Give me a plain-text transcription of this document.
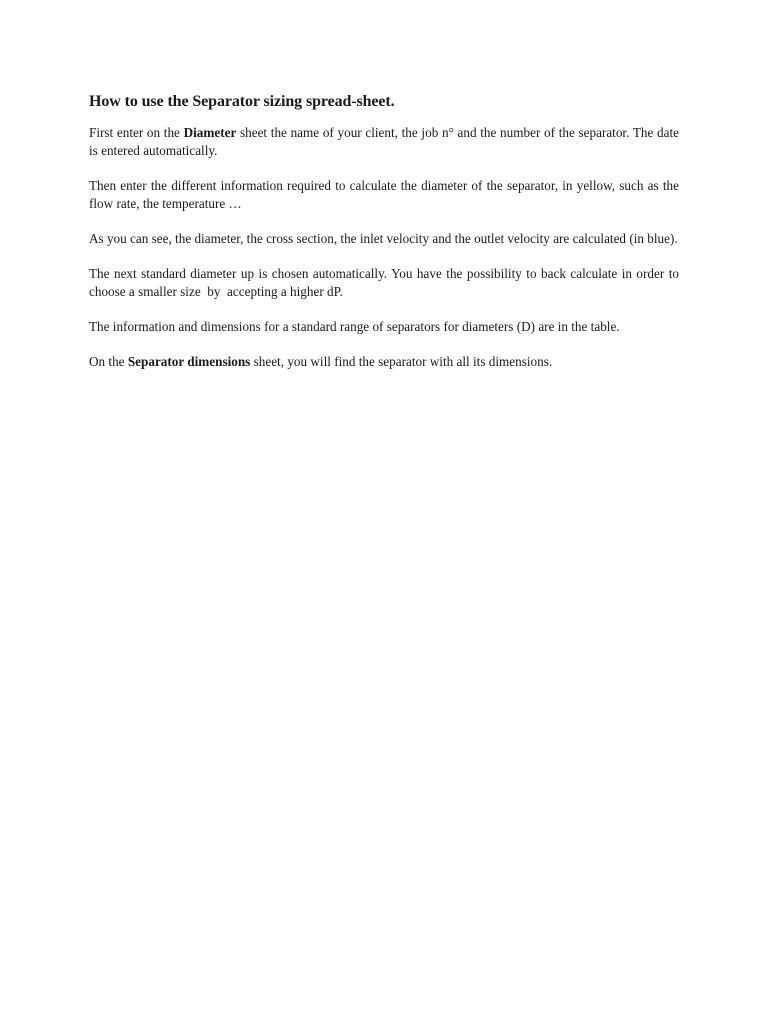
How to use the Separator sizing spread-sheet.

First enter on the Diameter sheet the name of your client, the job n° and the number of the separator. The date is entered automatically.

Then enter the different information required to calculate the diameter of the separator, in yellow, such as the flow rate, the temperature …

As you can see, the diameter, the cross section, the inlet velocity and the outlet velocity are calculated (in blue).

The next standard diameter up is chosen automatically. You have the possibility to back calculate in order to choose a smaller size  by  accepting a higher dP.

The information and dimensions for a standard range of separators for diameters (D) are in the table.

On the Separator dimensions sheet, you will find the separator with all its dimensions.
